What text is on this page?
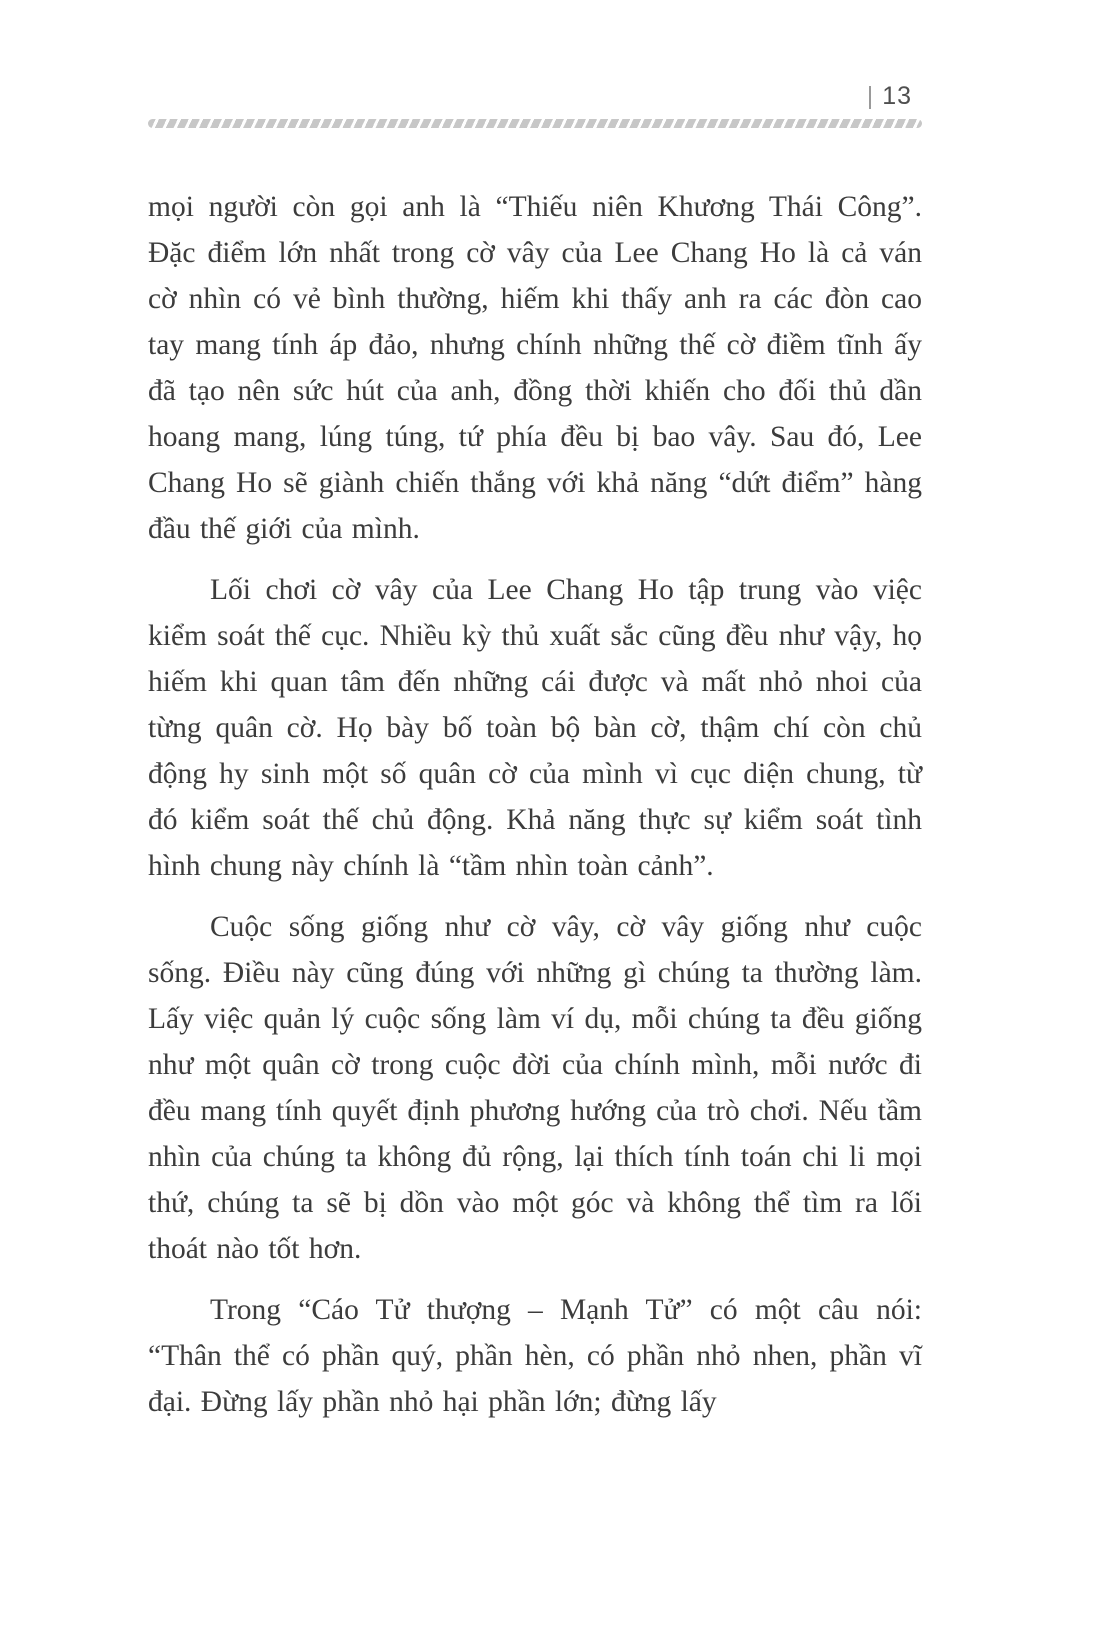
| 13

mọi người còn gọi anh là “Thiếu niên Khương Thái Công”. Đặc điểm lớn nhất trong cờ vây của Lee Chang Ho là cả ván cờ nhìn có vẻ bình thường, hiếm khi thấy anh ra các đòn cao tay mang tính áp đảo, nhưng chính những thế cờ điềm tĩnh ấy đã tạo nên sức hút của anh, đồng thời khiến cho đối thủ dần hoang mang, lúng túng, tứ phía đều bị bao vây. Sau đó, Lee Chang Ho sẽ giành chiến thắng với khả năng “dứt điểm” hàng đầu thế giới của mình.

Lối chơi cờ vây của Lee Chang Ho tập trung vào việc kiểm soát thế cục. Nhiều kỳ thủ xuất sắc cũng đều như vậy, họ hiếm khi quan tâm đến những cái được và mất nhỏ nhoi của từng quân cờ. Họ bày bố toàn bộ bàn cờ, thậm chí còn chủ động hy sinh một số quân cờ của mình vì cục diện chung, từ đó kiểm soát thế chủ động. Khả năng thực sự kiểm soát tình hình chung này chính là “tầm nhìn toàn cảnh”.

Cuộc sống giống như cờ vây, cờ vây giống như cuộc sống. Điều này cũng đúng với những gì chúng ta thường làm. Lấy việc quản lý cuộc sống làm ví dụ, mỗi chúng ta đều giống như một quân cờ trong cuộc đời của chính mình, mỗi nước đi đều mang tính quyết định phương hướng của trò chơi. Nếu tầm nhìn của chúng ta không đủ rộng, lại thích tính toán chi li mọi thứ, chúng ta sẽ bị dồn vào một góc và không thể tìm ra lối thoát nào tốt hơn.

Trong “Cáo Tử thượng – Mạnh Tử” có một câu nói: “Thân thể có phần quý, phần hèn, có phần nhỏ nhen, phần vĩ đại. Đừng lấy phần nhỏ hại phần lớn; đừng lấy
